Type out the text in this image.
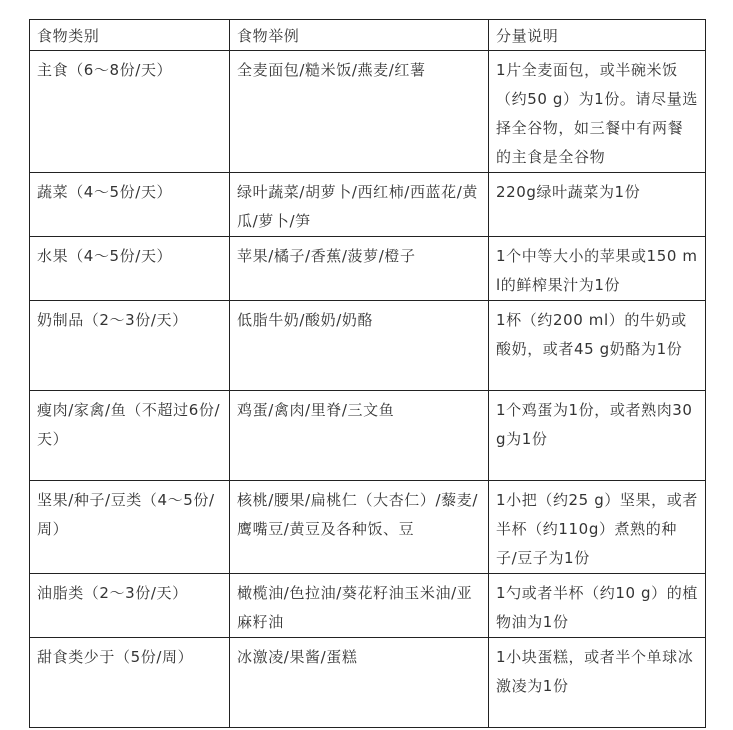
食物类别	食物举例	分量说明
主食（6～8份/天）	全麦面包/糙米饭/燕麦/红薯	1片全麦面包，或半碗米饭（约50 g）为1份。请尽量选择全谷物，如三餐中有两餐的主食是全谷物
蔬菜（4～5份/天）	绿叶蔬菜/胡萝卜/西红柿/西蓝花/黄瓜/萝卜/笋	220g绿叶蔬菜为1份
水果（4～5份/天）	苹果/橘子/香蕉/菠萝/橙子	1个中等大小的苹果或150 ml的鲜榨果汁为1份
奶制品（2～3份/天）	低脂牛奶/酸奶/奶酪	1杯（约200 ml）的牛奶或酸奶，或者45 g奶酪为1份
瘦肉/家禽/鱼（不超过6份/天）	鸡蛋/禽肉/里脊/三文鱼	1个鸡蛋为1份，或者熟肉30 g为1份
坚果/种子/豆类（4～5份/周）	核桃/腰果/扁桃仁（大杏仁）/藜麦/鹰嘴豆/黄豆及各种饭、豆	1小把（约25 g）坚果，或者半杯（约110g）煮熟的种子/豆子为1份
油脂类（2～3份/天）	橄榄油/色拉油/葵花籽油玉米油/亚麻籽油	1勺或者半杯（约10 g）的植物油为1份
甜食类少于（5份/周）	冰激凌/果酱/蛋糕	1小块蛋糕，或者半个单球冰激凌为1份
